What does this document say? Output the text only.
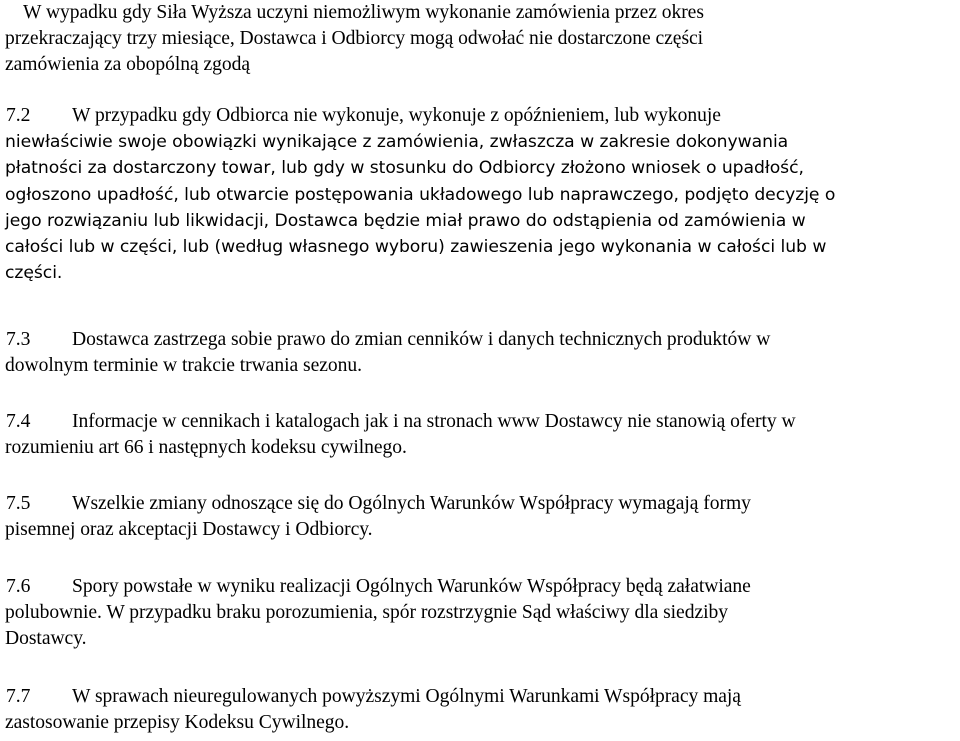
W wypadku gdy Siła Wyższa uczyni niemożliwym wykonanie zamówienia przez okres
przekraczający trzy miesiące, Dostawca i Odbiorcy mogą odwołać nie dostarczone części
zamówienia za obopólną zgodą
7.2 W przypadku gdy Odbiorca nie wykonuje, wykonuje z opóźnieniem, lub wykonuje
niewłaściwie swoje obowiązki wynikające z zamówienia, zwłaszcza w zakresie dokonywania
płatności za dostarczony towar, lub gdy w stosunku do Odbiorcy złożono wniosek o upadłość,
ogłoszono upadłość, lub otwarcie postępowania układowego lub naprawczego, podjęto decyzję o
jego rozwiązaniu lub likwidacji, Dostawca będzie miał prawo do odstąpienia od zamówienia w
całości lub w części, lub (według własnego wyboru) zawieszenia jego wykonania w całości lub w
części.
7.3 Dostawca zastrzega sobie prawo do zmian cenników i danych technicznych produktów w
dowolnym terminie w trakcie trwania sezonu.
7.4 Informacje w cennikach i katalogach jak i na stronach www Dostawcy nie stanowią oferty w
rozumieniu art 66 i następnych kodeksu cywilnego.
7.5 Wszelkie zmiany odnoszące się do Ogólnych Warunków Współpracy wymagają formy
pisemnej oraz akceptacji Dostawcy i Odbiorcy.
7.6 Spory powstałe w wyniku realizacji Ogólnych Warunków Współpracy będą załatwiane
polubownie. W przypadku braku porozumienia, spór rozstrzygnie Sąd właściwy dla siedziby
Dostawcy.
7.7 W sprawach nieuregulowanych powyższymi Ogólnymi Warunkami Współpracy mają
zastosowanie przepisy Kodeksu Cywilnego.
